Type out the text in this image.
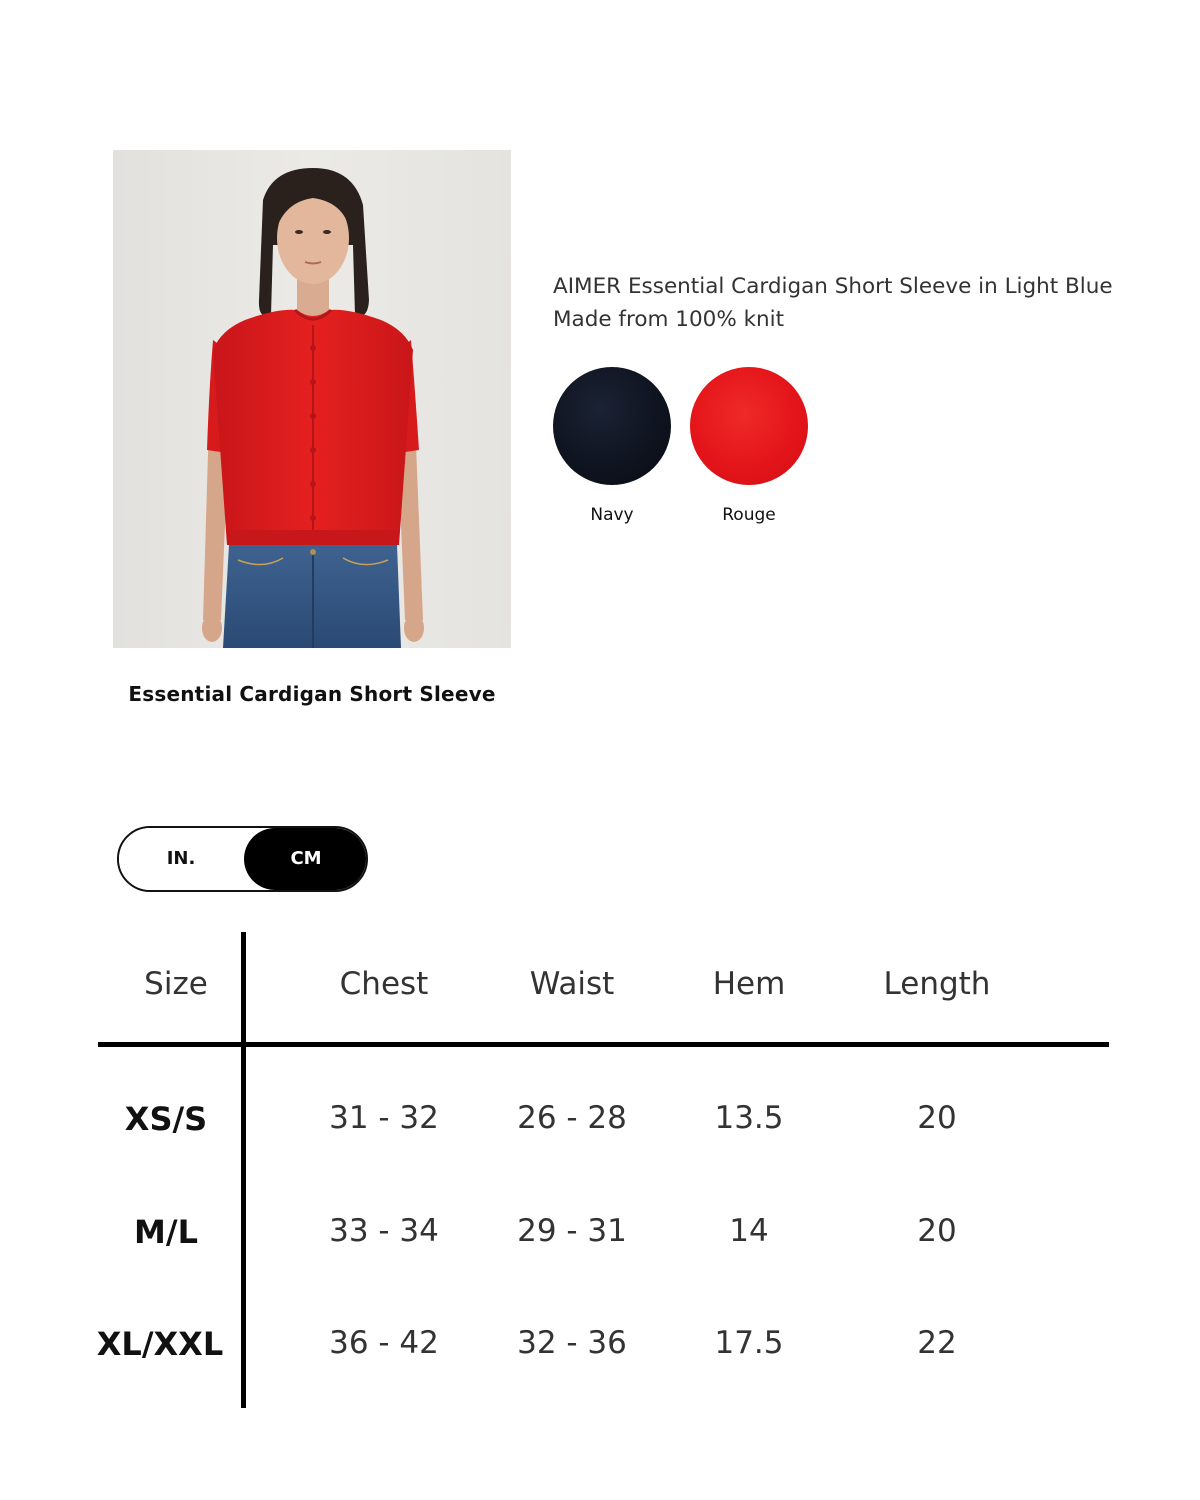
Essential Cardigan Short Sleeve
AIMER Essential Cardigan Short Sleeve in Light Blue
Made from 100% knit
Navy	Rouge
IN.	CM
Size	Chest	Waist	Hem	Length
XS/S	31 - 32	26 - 28	13.5	20
M/L	33 - 34	29 - 31	14	20
XL/XXL	36 - 42	32 - 36	17.5	22
